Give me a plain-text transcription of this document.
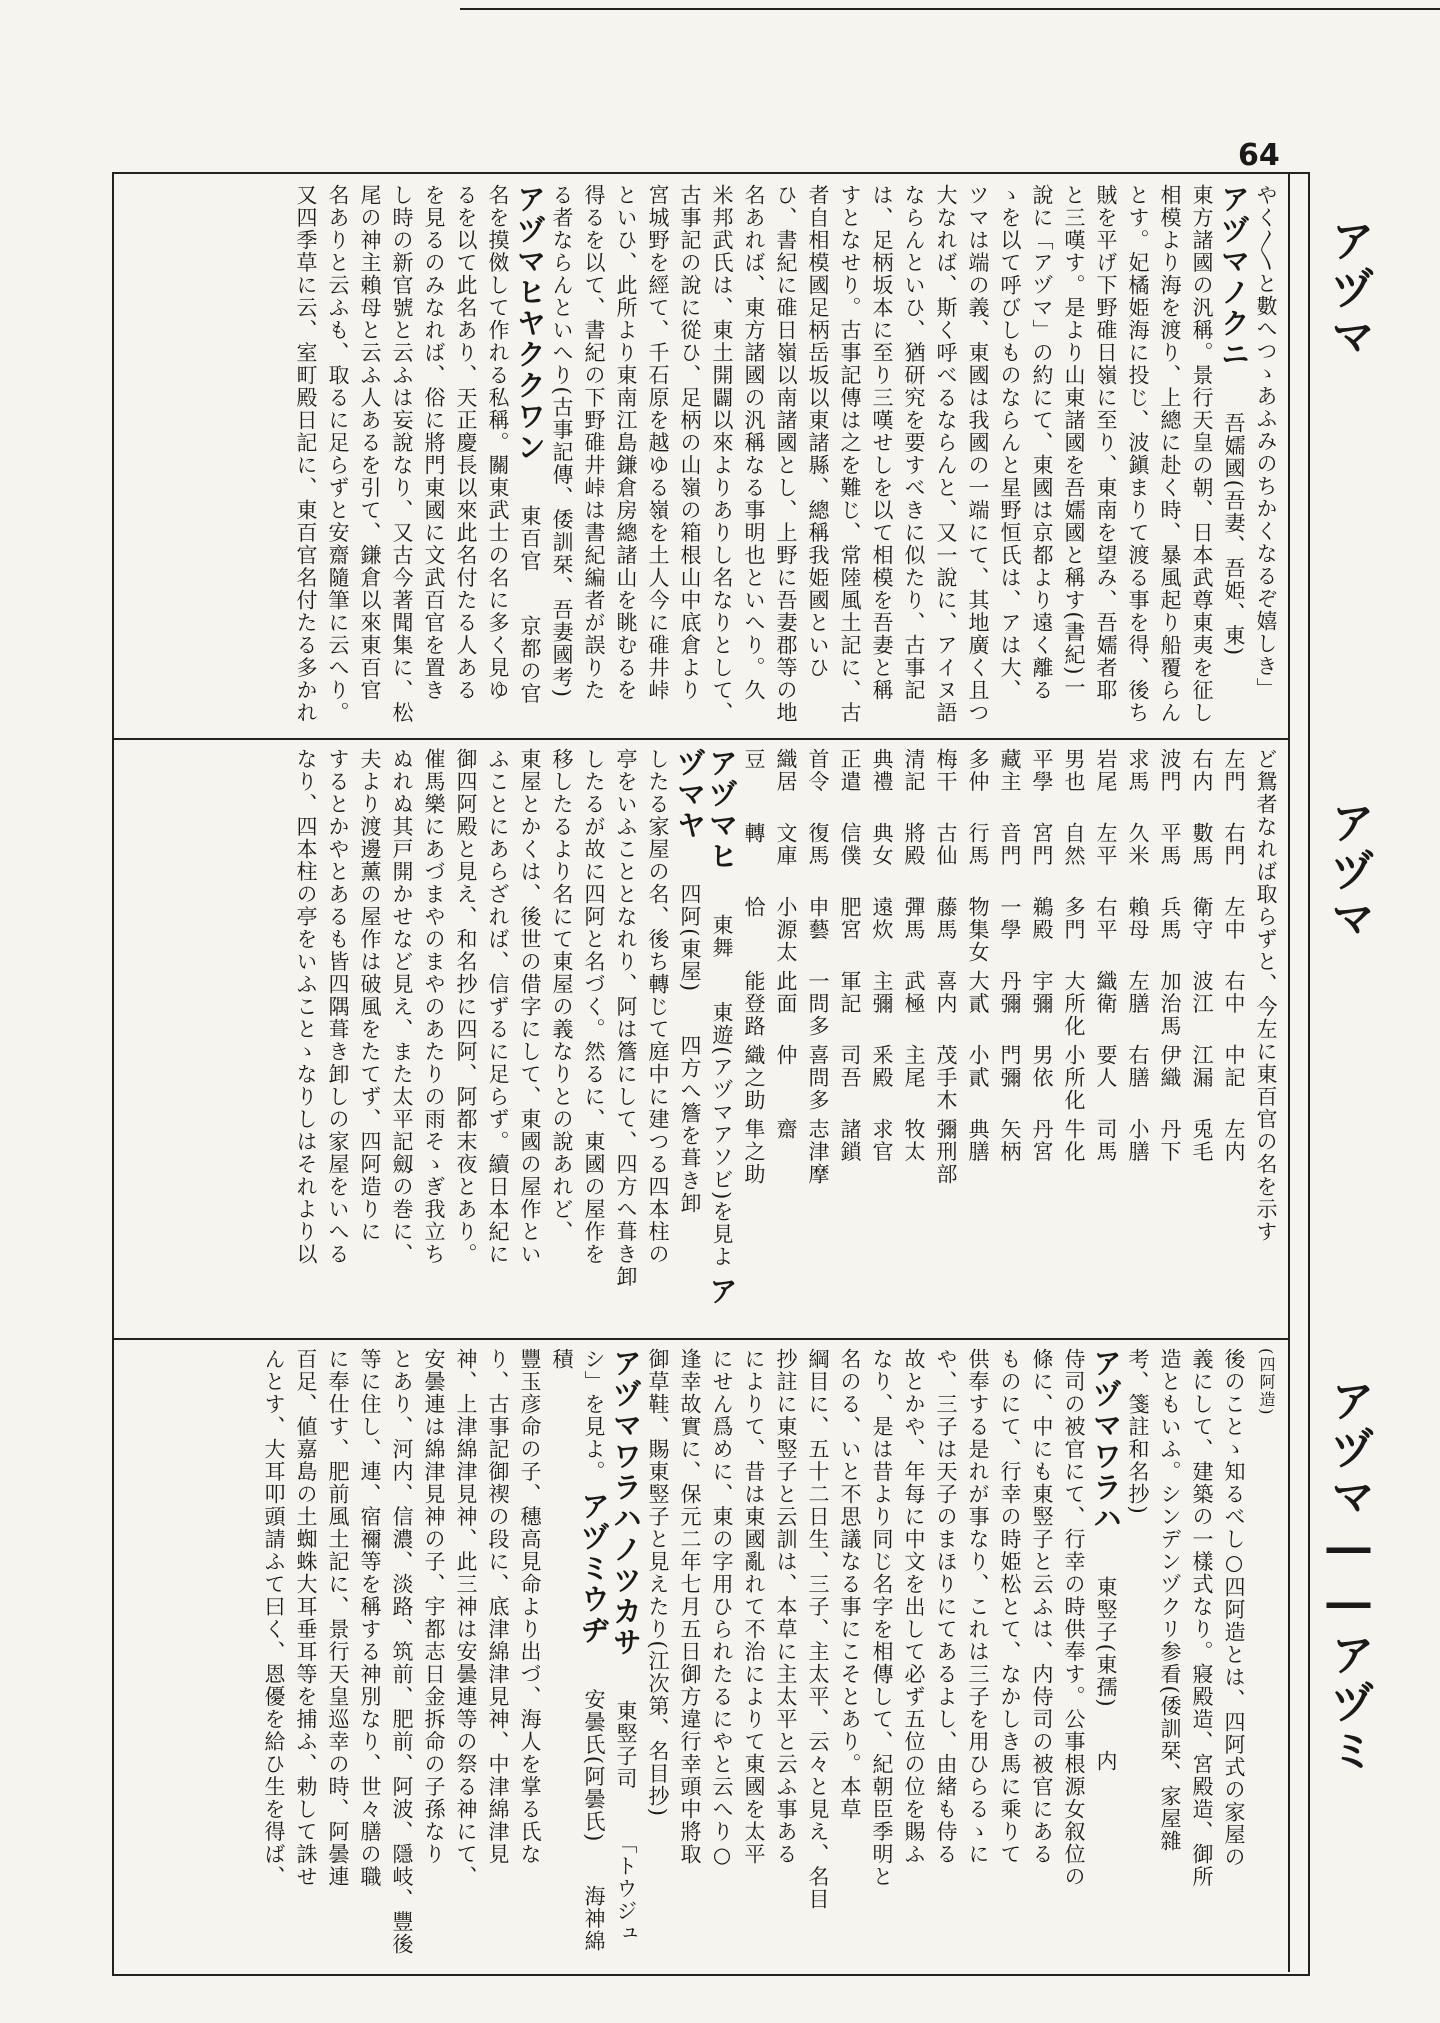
64
アヅマ
アヅマ
アヅマ――アヅミ

やく〳〵と數へつゝあふみのちかくなるぞ嬉しき」

アヅマノクニ 吾嬬國(吾妻、吾姫、東)

東方諸國の汎稱。景行天皇の朝、日本武尊東夷を征し

相模より海を渡り、上總に赴く時、暴風起り船覆らん

とす。妃橘姫海に投じ、波鎭まりて渡る事を得、後ち

賊を平げ下野碓日嶺に至り、東南を望み、吾嬬者耶

と三嘆す。是より山東諸國を吾嬬國と稱す(書紀)一

說に「アヅマ」の約にて、東國は京都より遠く離る

ゝを以て呼びしものならんと星野恒氏は、アは大、

ツマは端の義、東國は我國の一端にて、其地廣く且つ

大なれば、斯く呼べるならんと、又一說に、アイヌ語

ならんといひ、猶研究を要すべきに似たり、古事記

は、足柄坂本に至り三嘆せしを以て相模を吾妻と稱

すとなせり。古事記傳は之を難じ、常陸風土記に、古

者自相模國足柄岳坂以東諸縣、總稱我姫國といひ

ひ、書紀に碓日嶺以南諸國とし、上野に吾妻郡等の地

名あれば、東方諸國の汎稱なる事明也といへり。久

米邦武氏は、東土開闢以來よりありし名なりとして、

古事記の說に從ひ、足柄の山嶺の箱根山中底倉より

宮城野を經て、千石原を越ゆる嶺を土人今に碓井峠

といひ、此所より東南江島鎌倉房總諸山を眺むるを

得るを以て、書紀の下野碓井峠は書紀編者が誤りた

る者ならんといへり(古事記傳、倭訓栞、吾妻國考)

アヅマヒヤククワン 東百官 京都の官

名を摸傚して作れる私稱。關東武士の名に多く見ゆ

るを以て此名あり、天正慶長以來此名付たる人ある

を見るのみなれば、俗に將門東國に文武百官を置き

し時の新官號と云ふは妄說なり、又古今著聞集に、松

尾の神主賴母と云ふ人あるを引て、鎌倉以來東百官

名ありと云ふも、取るに足らずと安齋隨筆に云へり。

又四季草に云、室町殿日記に、東百官名付たる多かれ

ど鴛者なれば取らずと、今左に東百官の名を示す

左門右門左中右中中記左内
右内數馬衛守波江江漏兎毛
波門平馬兵馬加治馬伊織丹下
求馬久米賴母左膳右膳小膳
岩尾左平右平織衛要人司馬
男也自然多門大所化小所化牛化
平學宮門鵜殿宇彌男依丹宮
藏主音門一學丹彌門彌矢柄
多仲行馬物集女大貳小貳典膳
梅干古仙藤馬喜内茂手木彌刑部
清記將殿彈馬武極主尾牧太
典禮典女遠炊主彌釆殿求官
正遣信僕肥宮軍記司吾諸鎖
首令復馬申藝一問多喜問多志津摩
織居文庫小源太此面仲齋
豆轉恰能登路織之助隼之助
アヅマヒ 東舞 東遊(アヅマアソビ)を見よ アヅマヤ 四阿(東屋) 四方へ簷を葺き卸

したる家屋の名、後ち轉じて庭中に建つる四本柱の

亭をいふこととなれり、阿は簷にして、四方へ葺き卸

したるが故に四阿と名づく。然るに、東國の屋作を

移したるより名にて東屋の義なりとの說あれど、

東屋とかくは、後世の借字にして、東國の屋作とい

ふことにあらざれば、信ずるに足らず。續日本紀に

御四阿殿と見え、和名抄に四阿、阿都末夜とあり。

催馬樂にあづまやのまやのあたりの雨そゝぎ我立ち

ぬれぬ其戸開かせなど見え、また太平記劔の巻に、

夫より渡邊薰の屋作は破風をたてず、四阿造りに

するとかやとあるも皆四隅葺き卸しの家屋をいへる

なり、四本柱の亭をいふことゝなりしはそれより以

(四阿造)

後のことゝ知るべし○四阿造とは、四阿式の家屋の

義にして、建築の一樣式なり。寢殿造、宮殿造、御所

造ともいふ。シンデンヅクリ参看(倭訓栞、家屋雜

考、箋註和名抄)

アヅマワラハ 東竪子(東孺) 内

侍司の被官にて、行幸の時供奉す。公事根源女叙位の

條に、中にも東竪子と云ふは、内侍司の被官にある

ものにて、行幸の時姫松とて、なかしき馬に乘りて

供奉する是れが事なり、これは三子を用ひらるゝに

や、三子は天子のまほりにてあるよし、由緒も侍る

故とかや、年每に中文を出して必ず五位の位を賜ふ

なり、是は昔より同じ名字を相傳して、紀朝臣季明と

名のる、いと不思議なる事にこそとあり。本草

綱目に、五十二日生、三子、主太平、云々と見え、名目

抄註に東竪子と云訓は、本草に主太平と云ふ事ある

によりて、昔は東國亂れて不治によりて東國を太平

にせん爲めに、東の字用ひられたるにやと云へり○

逢幸故實に、保元二年七月五日御方違行幸頭中將取

御草鞋、賜東竪子と見えたり(江次第、名目抄)

アヅマワラハノツカサ 東竪子司 「トウジュシ」を見よ。 アヅミウヂ 安曇氏(阿曇氏) 海神綿積

豐玉彦命の子、穗高見命より出づ、海人を掌る氏な

り、古事記御禊の段に、底津綿津見神、中津綿津見

神、上津綿津見神、此三神は安曇連等の祭る神にて、

安曇連は綿津見神の子、宇都志日金拆命の子孫なり

とあり、河内、信濃、淡路、筑前、肥前、阿波、隱岐、豐後

等に住し、連、宿禰等を稱する神別なり、世々膳の職

に奉仕す、肥前風土記に、景行天皇巡幸の時、阿曇連

百足、値嘉島の土蜘蛛大耳垂耳等を捕ふ、勅して誅せ

んとす、大耳叩頭請ふて曰く、恩優を給ひ生を得ば、
